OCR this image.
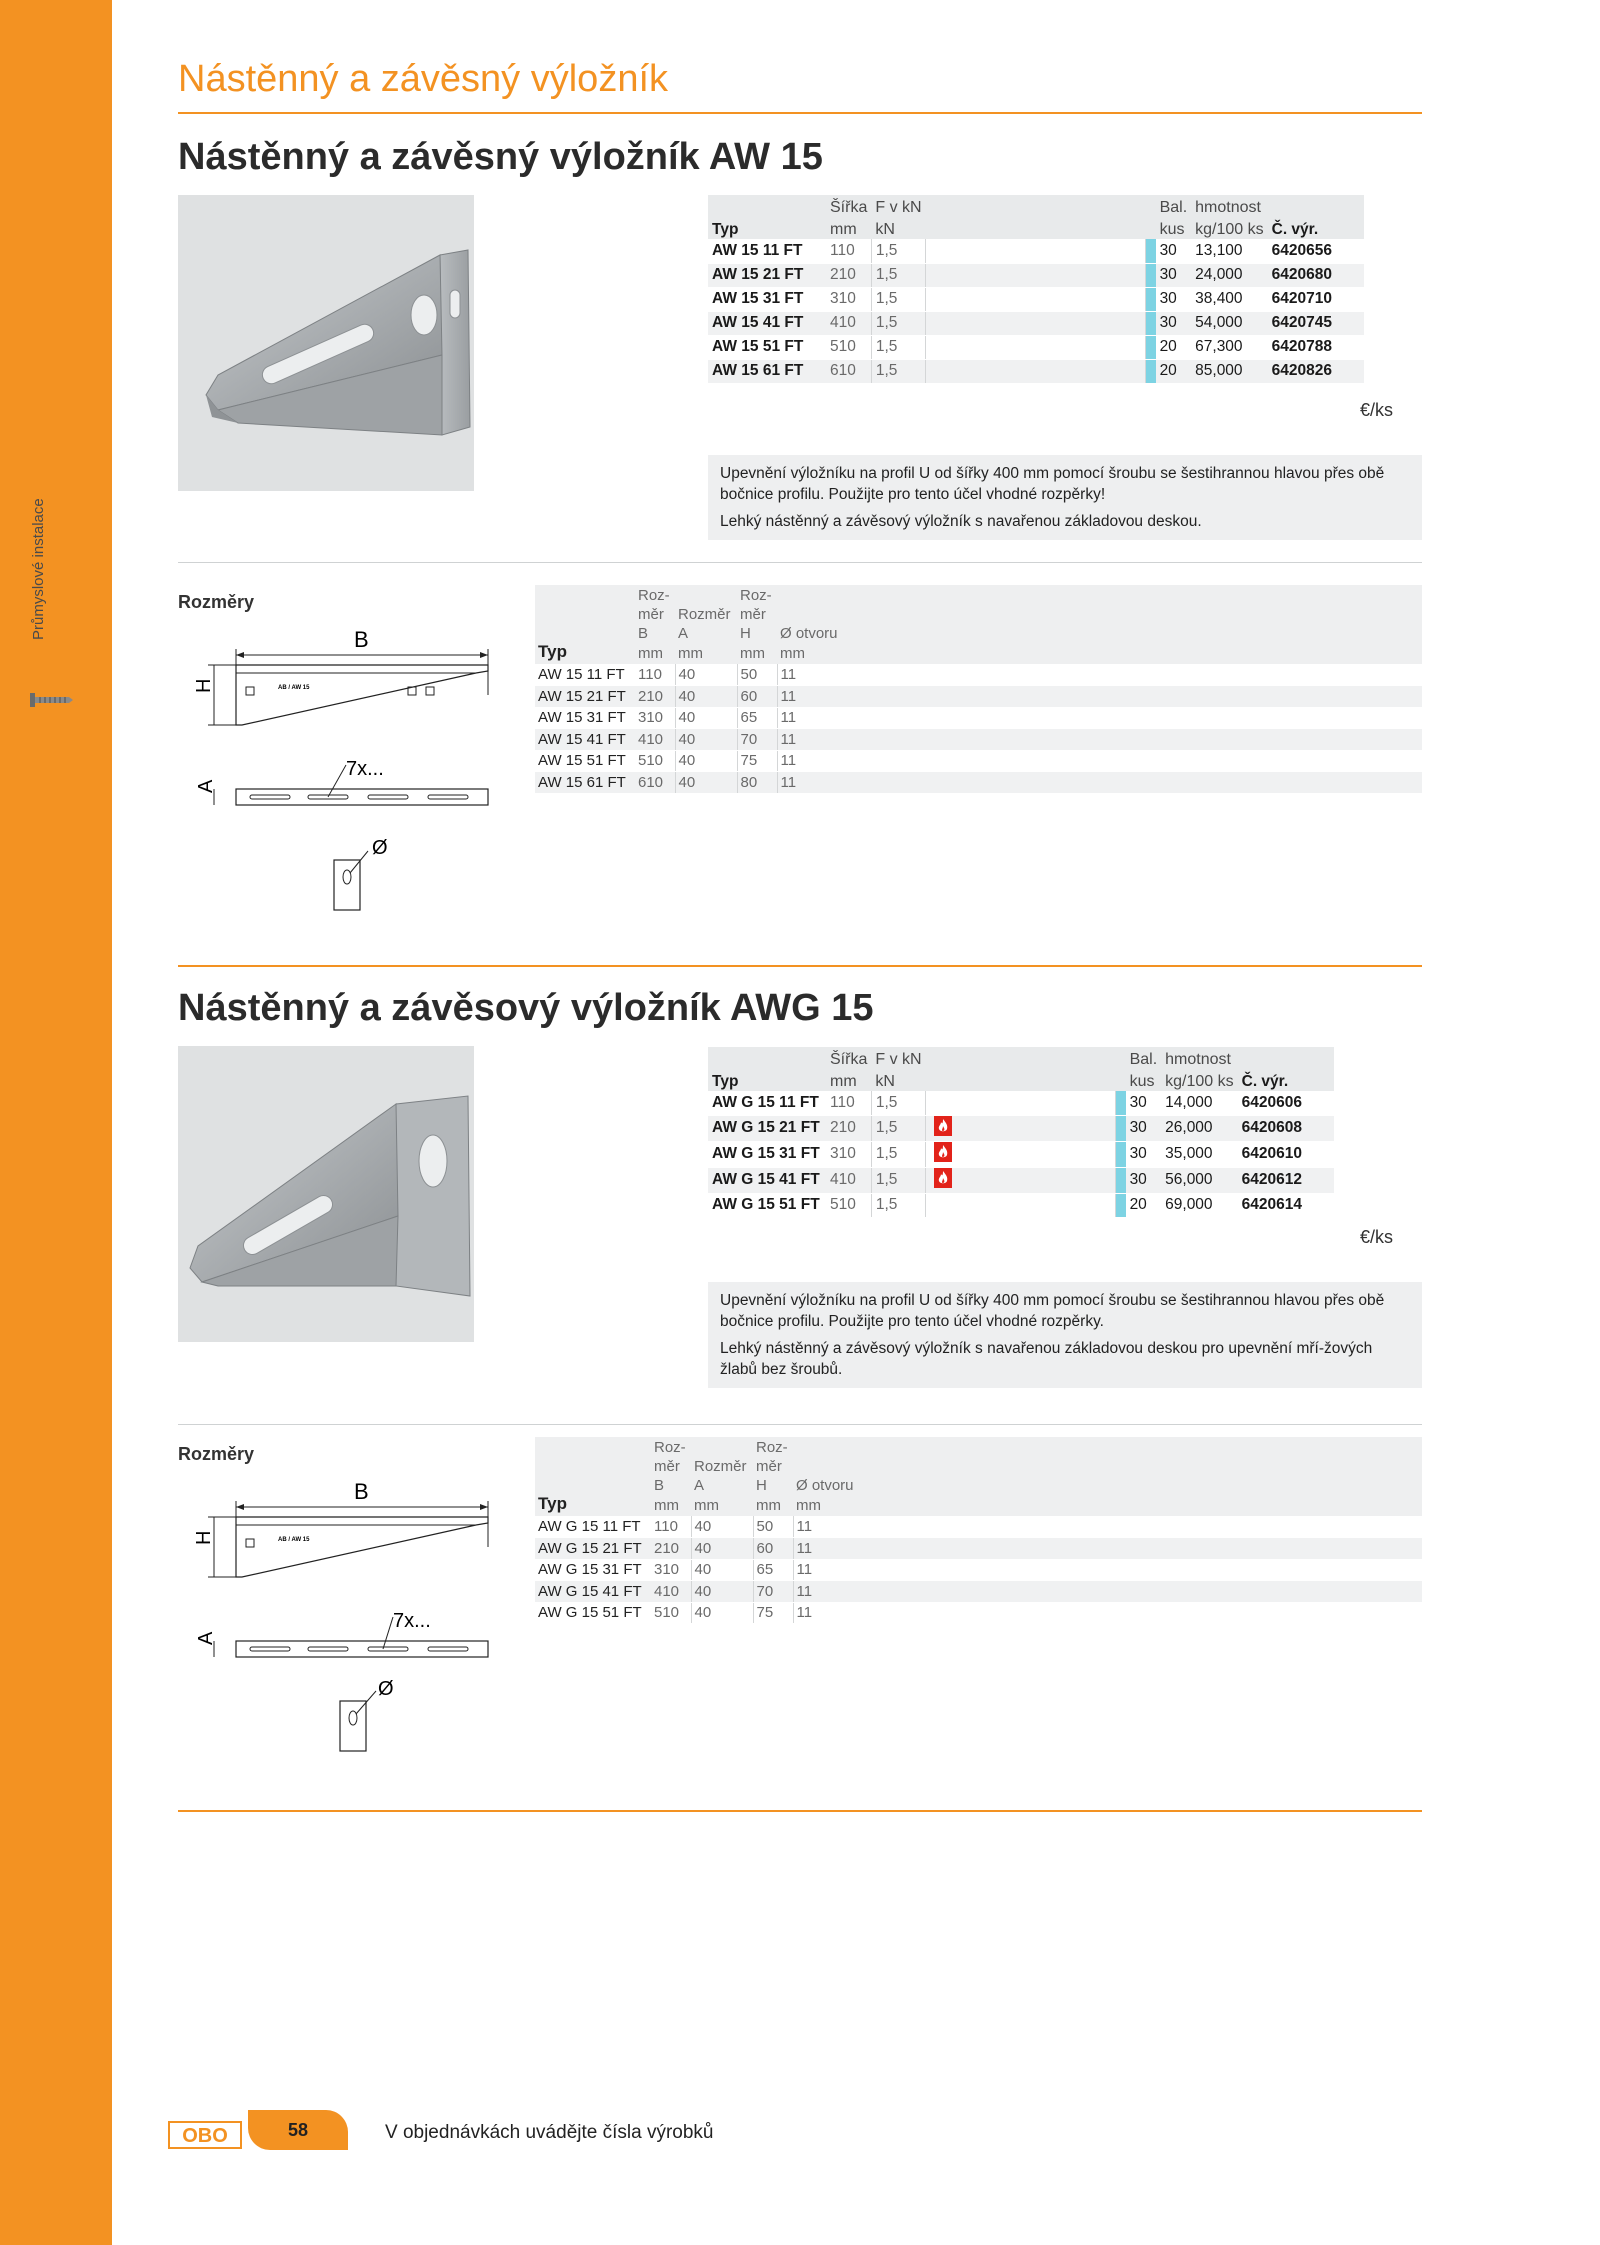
Průmyslové instalace
Nástěnný a závěsný výložník
Nástěnný a závěsný výložník AW 15
	Šířka	F v kN			Bal.	hmotnost	
Typ	mm	kN			kus	kg/100 ks	Č. výr.
AW 15 11 FT	110	1,5			30	13,100	6420656
AW 15 21 FT	210	1,5			30	24,000	6420680
AW 15 31 FT	310	1,5			30	38,400	6420710
AW 15 41 FT	410	1,5			30	54,000	6420745
AW 15 51 FT	510	1,5			20	67,300	6420788
AW 15 61 FT	610	1,5			20	85,000	6420826
€/ks

Upevnění výložníku na profil U od šířky 400 mm pomocí šroubu se šestihrannou hlavou přes obě bočnice profilu. Použijte pro tento účel vhodné rozpěrky!

Lehký nástěnný a závěsový výložník s navařenou základovou deskou.

Rozměry
B
AB / AW 15
H
7x...
A
Ø
	Roz-		Roz-	
	měr	Rozměr	měr	
	B	A	H	Ø otvoru
Typ	mm	mm	mm	mm
AW 15 11 FT	110	40	50	11
AW 15 21 FT	210	40	60	11
AW 15 31 FT	310	40	65	11
AW 15 41 FT	410	40	70	11
AW 15 51 FT	510	40	75	11
AW 15 61 FT	610	40	80	11
Nástěnný a závěsový výložník AWG 15
	Šířka	F v kN			Bal.	hmotnost	
Typ	mm	kN			kus	kg/100 ks	Č. výr.
AW G 15 11 FT	110	1,5			30	14,000	6420606
AW G 15 21 FT	210	1,5			30	26,000	6420608
AW G 15 31 FT	310	1,5			30	35,000	6420610
AW G 15 41 FT	410	1,5			30	56,000	6420612
AW G 15 51 FT	510	1,5			20	69,000	6420614
€/ks

Upevnění výložníku na profil U od šířky 400 mm pomocí šroubu se šestihrannou hlavou přes obě bočnice profilu. Použijte pro tento účel vhodné rozpěrky.

Lehký nástěnný a závěsový výložník s navařenou základovou deskou pro upevnění mří-žových žlabů bez šroubů.

Rozměry
B
AB / AW 15
H
7x...
A
Ø
	Roz-		Roz-	
	měr	Rozměr	měr	
	B	A	H	Ø otvoru
Typ	mm	mm	mm	mm
AW G 15 11 FT	110	40	50	11
AW G 15 21 FT	210	40	60	11
AW G 15 31 FT	310	40	65	11
AW G 15 41 FT	410	40	70	11
AW G 15 51 FT	510	40	75	11
OBO	58	V objednávkách uvádějte čísla výrobků
